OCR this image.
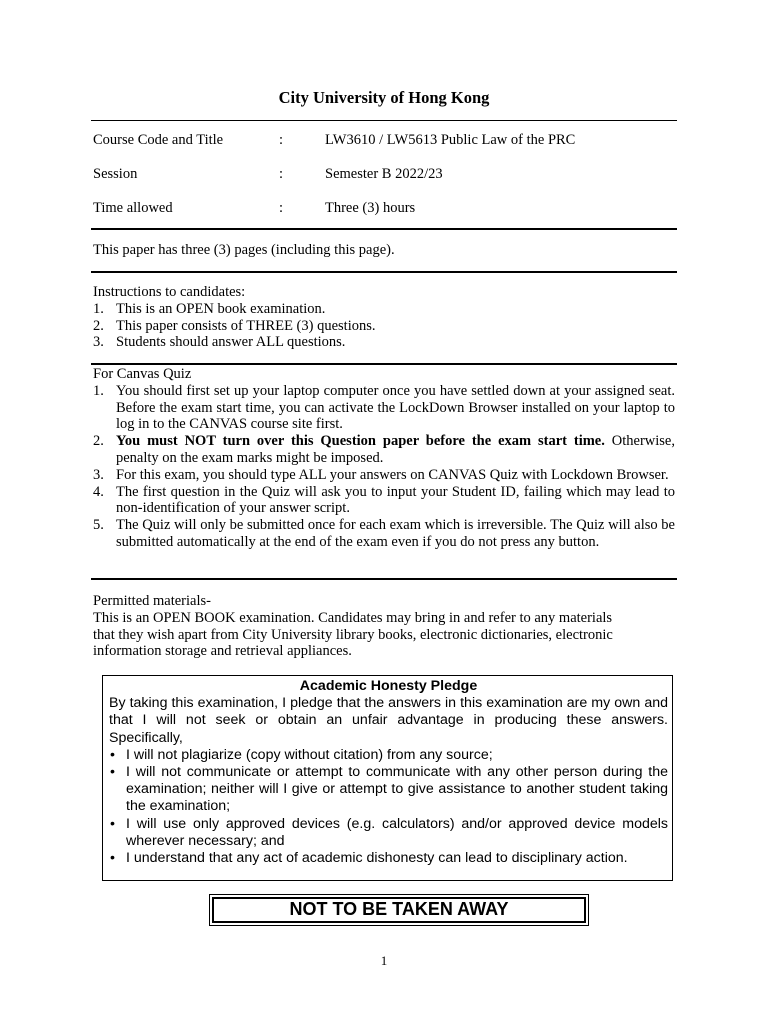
City University of Hong Kong
Course Code and Title	:	LW3610 / LW5613 Public Law of the PRC
Session	:	Semester B 2022/23
Time allowed	:	Three (3) hours
This paper has three (3) pages (including this page).
Instructions to candidates:
1. This is an OPEN book examination.
2. This paper consists of THREE (3) questions.
3. Students should answer ALL questions.
For Canvas Quiz
1. You should first set up your laptop computer once you have settled down at your assigned seat. Before the exam start time, you can activate the LockDown Browser installed on your laptop to log in to the CANVAS course site first.
2. You must NOT turn over this Question paper before the exam start time. Otherwise, penalty on the exam marks might be imposed.
3. For this exam, you should type ALL your answers on CANVAS Quiz with Lockdown Browser.
4. The first question in the Quiz will ask you to input your Student ID, failing which may lead to non-identification of your answer script.
5. The Quiz will only be submitted once for each exam which is irreversible. The Quiz will also be submitted automatically at the end of the exam even if you do not press any button.
Permitted materials-
This is an OPEN BOOK examination. Candidates may bring in and refer to any materials
that they wish apart from City University library books, electronic dictionaries, electronic
information storage and retrieval appliances.
Academic Honesty Pledge
By taking this examination, I pledge that the answers in this examination are my own and that I will not seek or obtain an unfair advantage in producing these answers. Specifically,
• I will not plagiarize (copy without citation) from any source;
• I will not communicate or attempt to communicate with any other person during the examination; neither will I give or attempt to give assistance to another student taking the examination;
• I will use only approved devices (e.g. calculators) and/or approved device models wherever necessary; and
• I understand that any act of academic dishonesty can lead to disciplinary action.
NOT TO BE TAKEN AWAY
1
